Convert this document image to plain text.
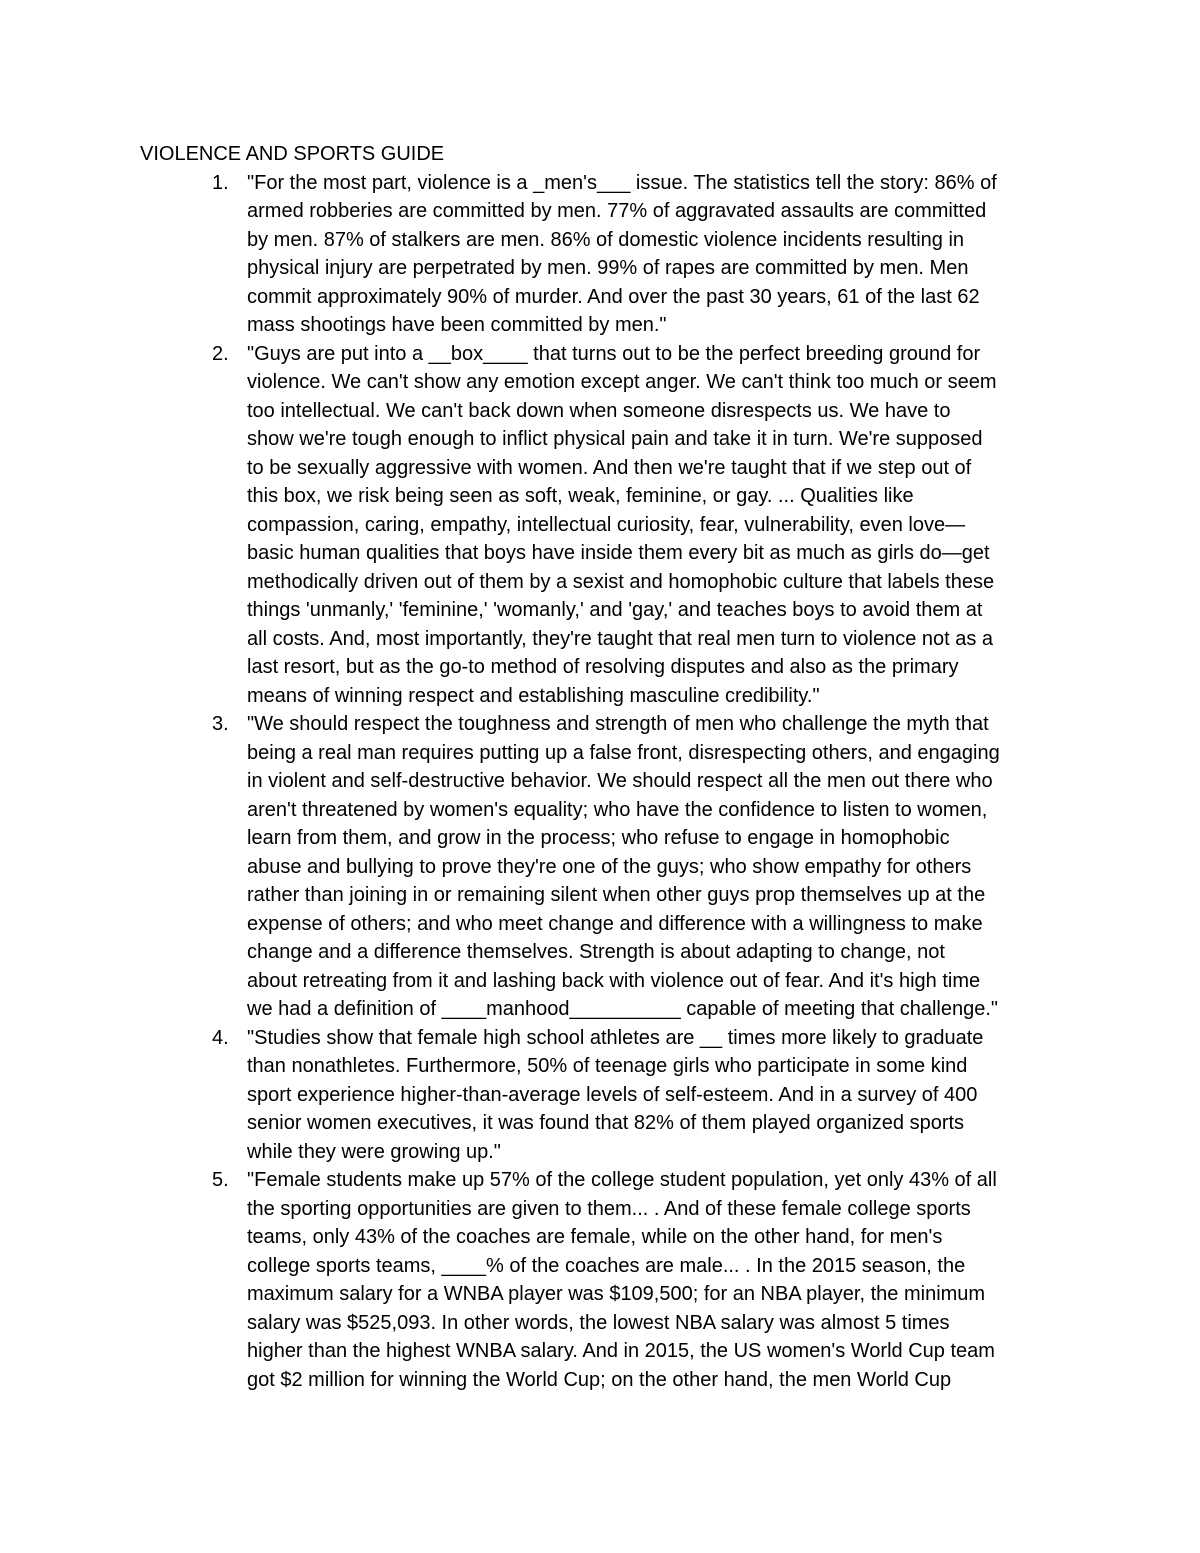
VIOLENCE AND SPORTS GUIDE
1. "For the most part, violence is a _men's___ issue. The statistics tell the story: 86% of
armed robberies are committed by men. 77% of aggravated assaults are committed
by men. 87% of stalkers are men. 86% of domestic violence incidents resulting in
physical injury are perpetrated by men. 99% of rapes are committed by men. Men
commit approximately 90% of murder. And over the past 30 years, 61 of the last 62
mass shootings have been committed by men."
2. "Guys are put into a __box____ that turns out to be the perfect breeding ground for
violence. We can't show any emotion except anger. We can't think too much or seem
too intellectual. We can't back down when someone disrespects us. We have to
show we're tough enough to inflict physical pain and take it in turn. We're supposed
to be sexually aggressive with women. And then we're taught that if we step out of
this box, we risk being seen as soft, weak, feminine, or gay. ... Qualities like
compassion, caring, empathy, intellectual curiosity, fear, vulnerability, even love—
basic human qualities that boys have inside them every bit as much as girls do—get
methodically driven out of them by a sexist and homophobic culture that labels these
things 'unmanly,' 'feminine,' 'womanly,' and 'gay,' and teaches boys to avoid them at
all costs. And, most importantly, they're taught that real men turn to violence not as a
last resort, but as the go-to method of resolving disputes and also as the primary
means of winning respect and establishing masculine credibility."
3. "We should respect the toughness and strength of men who challenge the myth that
being a real man requires putting up a false front, disrespecting others, and engaging
in violent and self-destructive behavior. We should respect all the men out there who
aren't threatened by women's equality; who have the confidence to listen to women,
learn from them, and grow in the process; who refuse to engage in homophobic
abuse and bullying to prove they're one of the guys; who show empathy for others
rather than joining in or remaining silent when other guys prop themselves up at the
expense of others; and who meet change and difference with a willingness to make
change and a difference themselves. Strength is about adapting to change, not
about retreating from it and lashing back with violence out of fear. And it's high time
we had a definition of ____manhood__________ capable of meeting that challenge."
4. "Studies show that female high school athletes are __ times more likely to graduate
than nonathletes. Furthermore, 50% of teenage girls who participate in some kind
sport experience higher-than-average levels of self-esteem. And in a survey of 400
senior women executives, it was found that 82% of them played organized sports
while they were growing up."
5. "Female students make up 57% of the college student population, yet only 43% of all
the sporting opportunities are given to them... . And of these female college sports
teams, only 43% of the coaches are female, while on the other hand, for men's
college sports teams, ____% of the coaches are male... . In the 2015 season, the
maximum salary for a WNBA player was $109,500; for an NBA player, the minimum
salary was $525,093. In other words, the lowest NBA salary was almost 5 times
higher than the highest WNBA salary. And in 2015, the US women's World Cup team
got $2 million for winning the World Cup; on the other hand, the men World Cup
